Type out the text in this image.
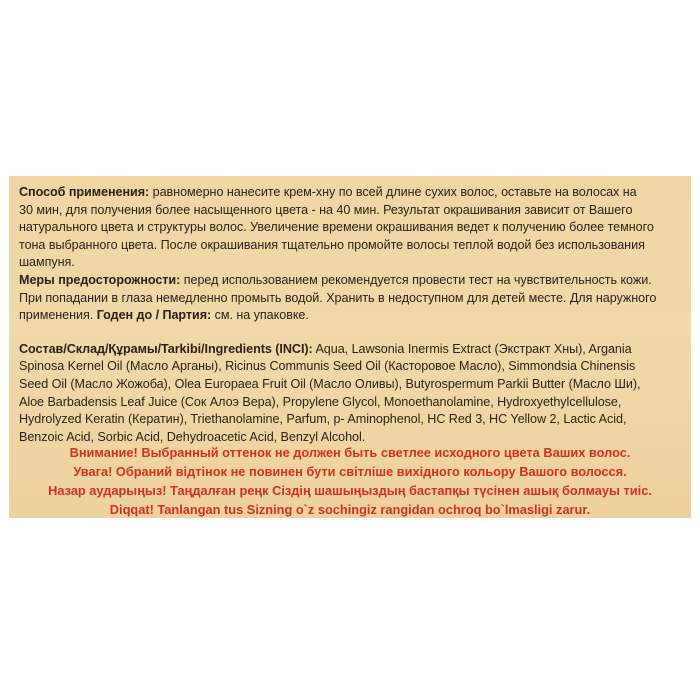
Способ применения: равномерно нанесите крем-хну по всей длине сухих волос, оставьте на волосах на
30 мин, для получения более насыщенного цвета - на 40 мин. Результат окрашивания зависит от Вашего
натурального цвета и структуры волос. Увеличение времени окрашивания ведет к получению более темного
тона выбранного цвета. После окрашивания тщательно промойте волосы теплой водой без использования
шампуня.

Меры предосторожности: перед использованием рекомендуется провести тест на чувствительность кожи.
При попадании в глаза немедленно промыть водой. Хранить в недоступном для детей месте. Для наружного
применения. Годен до / Партия: см. на упаковке.

Состав/Склад/Құрамы/Tarkibi/Ingredients (INCI): Aqua, Lawsonia Inermis Extract (Экстракт Хны), Argania
Spinosa Kernel Oil (Масло Арганы), Ricinus Communis Seed Oil (Касторовое Масло), Simmondsia Chinensis
Seed Oil (Масло Жожоба), Olea Europaea Fruit Oil (Масло Оливы), Butyrospermum Parkii Butter (Масло Ши),
Aloe Barbadensis Leaf Juice (Сок Алоэ Вера), Propylene Glycol, Monoethanolamine, Hydroxyethylcellulose,
Hydrolyzed Keratin (Кератин), Triethanolamine, Parfum, p- Aminophenol, HC Red 3, HC Yellow 2, Lactic Acid,
Benzoic Acid, Sorbic Acid, Dehydroacetic Acid, Benzyl Alcohol.

Внимание! Выбранный оттенок не должен быть светлее исходного цвета Ваших волос.
Увага! Обраний відтінок не повинен бути світліше вихідного кольору Вашого волосся.
Назар аударыңыз! Таңдалған реңк Сіздің шашыңыздың бастапқы түсінен ашық болмауы тиіс.
Diqqat! Tanlangan tus Sizning o`z sochingiz rangidan ochroq bo`lmasligi zarur.
